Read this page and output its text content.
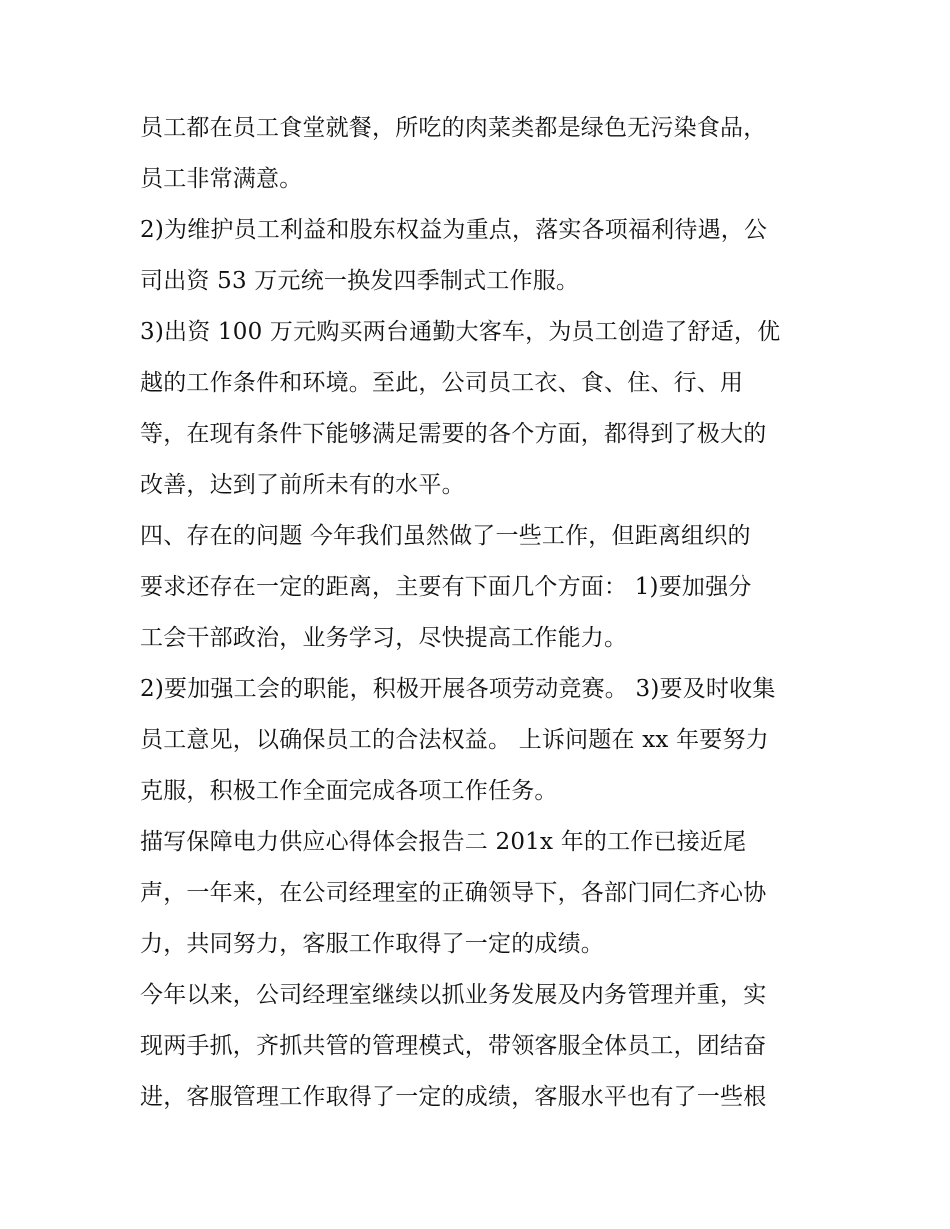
员工都在员工食堂就餐，所吃的肉菜类都是绿色无污染食品，
员工非常满意。
2)为维护员工利益和股东权益为重点，落实各项福利待遇，公
司出资 53 万元统一换发四季制式工作服。
3)出资 100 万元购买两台通勤大客车，为员工创造了舒适，优
越的工作条件和环境。至此，公司员工衣、食、住、行、用
等，在现有条件下能够满足需要的各个方面，都得到了极大的
改善，达到了前所未有的水平。
四、存在的问题 今年我们虽然做了一些工作，但距离组织的
要求还存在一定的距离，主要有下面几个方面： 1)要加强分
工会干部政治，业务学习，尽快提高工作能力。
2)要加强工会的职能，积极开展各项劳动竞赛。 3)要及时收集
员工意见，以确保员工的合法权益。 上诉问题在 xx 年要努力
克服，积极工作全面完成各项工作任务。
描写保障电力供应心得体会报告二 201x 年的工作已接近尾
声，一年来，在公司经理室的正确领导下，各部门同仁齐心协
力，共同努力，客服工作取得了一定的成绩。
今年以来，公司经理室继续以抓业务发展及内务管理并重，实
现两手抓，齐抓共管的管理模式，带领客服全体员工，团结奋
进，客服管理工作取得了一定的成绩，客服水平也有了一些根
